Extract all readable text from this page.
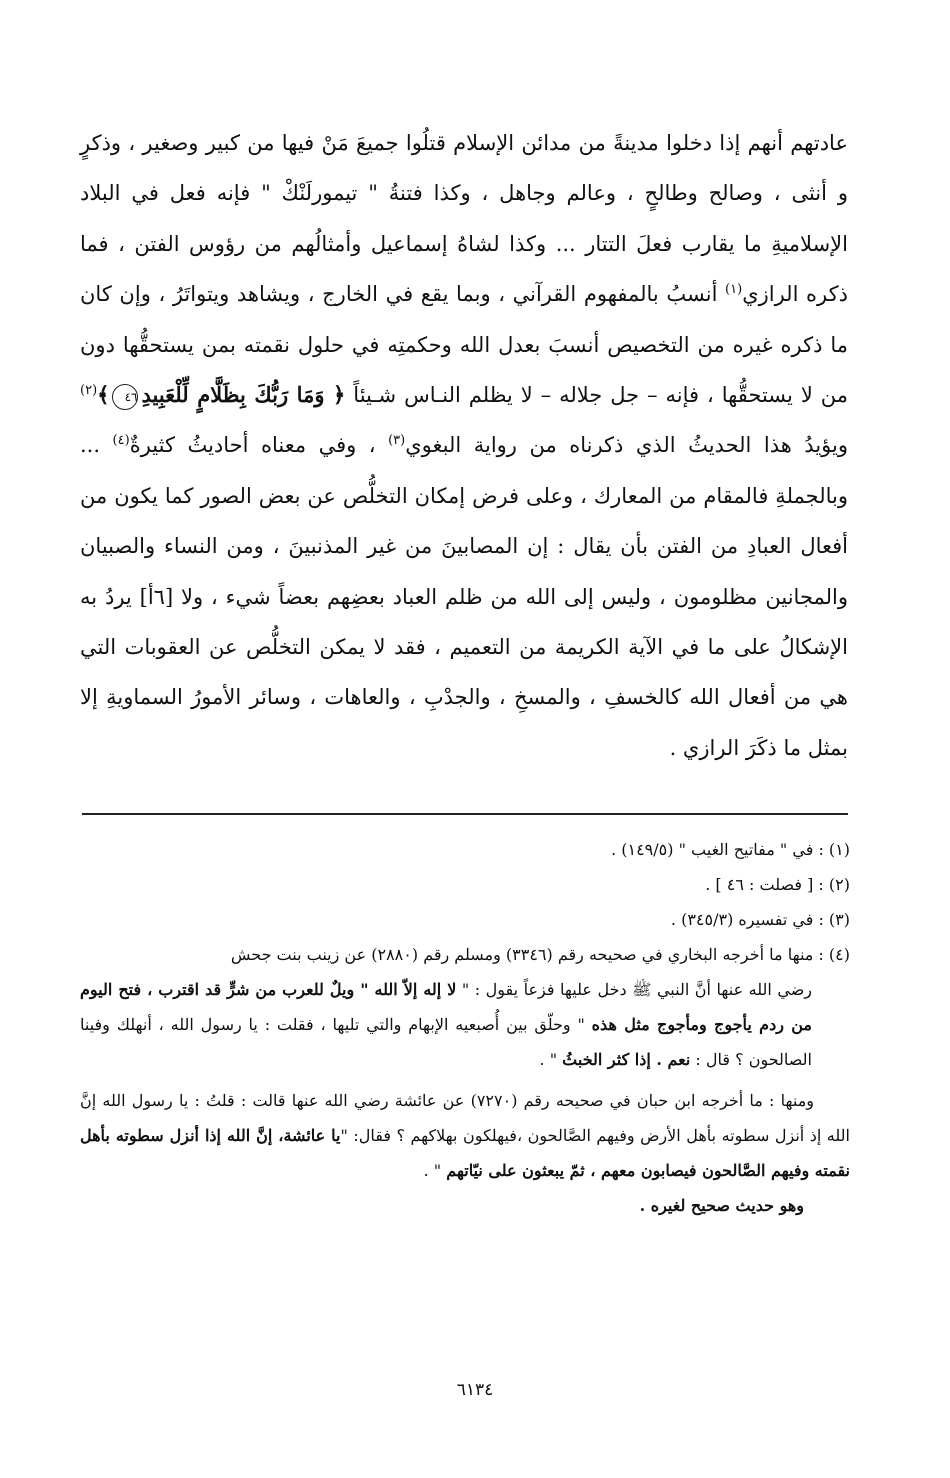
عادتهم أنهم إذا دخلوا مدينةً من مدائن الإسلام قتلُوا جميعَ مَنْ فيها من كبير وصغير ، وذكرٍ و أنثى ، وصالح وطالحٍ ، وعالم وجاهل ، وكذا فتنةُ " تيمورلَنْكْ " فإنه فعل في البلاد الإسلاميةِ ما يقارب فعلَ التتار ... وكذا لشاهُ إسماعيل وأمثالُهم من رؤوس الفتن ، فما ذكره الرازي$^{(١)}$ أنسبُ بالمفهوم القرآني ، وبما يقع في الخارج ، ويشاهد ويتواتَرُ ، وإن كان ما ذكره غيره من التخصيص أنسبَ بعدل الله وحكمتِه في حلول نقمته بمن يستحقُّها دون من لا يستحقُّها ، فإنه – جل جلاله – لا يظلم النـاس شـيئاً ﴿ وَمَا رَبُّكَ بِظَلَّامٍ لِّلْعَبِيدِ٤٦﴾$^{(٢)}$ ويؤيدُ هذا الحديثُ الذي ذكرناه من رواية البغوي$^{(٣)}$ ، وفي معناه أحاديثُ كثيرةٌ$^{(٤)}$ ... وبالجملةِ فالمقام من المعارك ، وعلى فرض إمكان التخلُّص عن بعض الصور كما يكون من أفعال العبادِ من الفتن بأن يقال : إن المصابينَ من غير المذنبينَ ، ومن النساء والصبيان والمجانين مظلومون ، وليس إلى الله من ظلم العباد بعضِهم بعضاً شيء ، ولا [٦أ] يردُ به الإشكالُ على ما في الآية الكريمة من التعميم ، فقد لا يمكن التخلُّص عن العقوبات التي هي من أفعال الله كالخسفِ ، والمسخِ ، والجدْبِ ، والعاهات ، وسائر الأمورُ السماويةِ إلا بمثل ما ذكَرَ الرازي .

(١) : في " مفاتيح الغيب " (١٤٩/٥) .
(٢) : [ فصلت : ٤٦ ] .
(٣) : في تفسيره (٣٤٥/٣) .
(٤) : منها ما أخرجه البخاري في صحيحه رقم (٣٣٤٦) ومسلم رقم (٢٨٨٠) عن زينب بنت جحش
رضي الله عنها أنَّ النبي ﷺ دخل عليها فزعاً يقول : " لا إله إلاّ الله " ويلٌ للعرب من شرٍّ قد اقترب ، فتح اليوم من ردم يأجوج ومأجوج مثل هذه " وحلّق بين أُصبعيه الإبهام والتي تليها ، فقلت : يا رسول الله ، أنهلك وفينا الصالحون ؟ قال : نعم . إذا كثر الخبثُ " .
ومنها : ما أخرجه ابن حبان في صحيحه رقم (٧٢٧٠) عن عائشة رضي الله عنها قالت : قلتُ : يا رسول الله إنَّ الله إذ أنزل سطوته بأهل الأرض وفيهم الصَّالحون ،فيهلكون بهلاكهم ؟ فقال: "يا عائشة، إنَّ الله إذا أنزل سطوته بأهل نقمته وفيهم الصَّالحون فيصابون معهم ، ثمّ يبعثون على نيّاتهم " .
وهو حديث صحيح لغيره .
٦١٣٤
